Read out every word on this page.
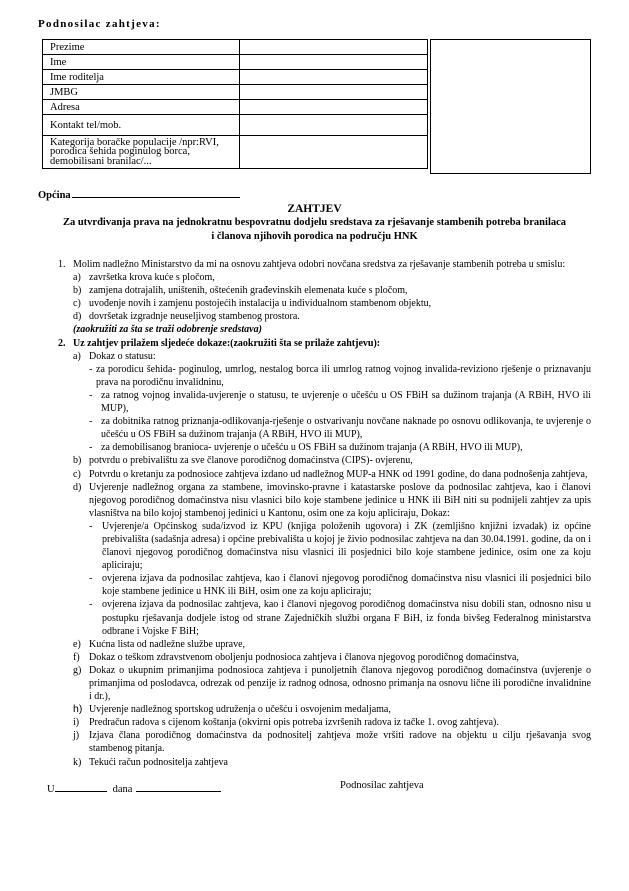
Podnosilac zahtjeva:
Prezime	
Ime	
Ime roditelja	
JMBG	
Adresa	
Kontakt tel/mob.	
Kategorija boračke populacije /npr:RVI, porodica šehida poginulog borca, demobilisani branilac/...	
Općina
ZAHTJEV
Za utvrđivanja prava na jednokratnu bespovratnu dodjelu sredstava za rješavanje stambenih potreba branilaca
i članova njihovih porodica na području HNK
1. Molim nadležno Ministarstvo da mi na osnovu zahtjeva odobri novčana sredstva za rješavanje stambenih potreba u smislu:
a) završetka krova kuće s pločom,
b) zamjena dotrajalih, uništenih, oštećenih građevinskih elemenata kuće s pločom,
c) uvođenje novih i zamjenu postojećih instalacija u individualnom stambenom objektu,
d) dovršetak izgradnje neuseljivog stambenog prostora.
(zaokružiti za šta se traži odobrenje sredstava)
2. Uz zahtjev prilažem sljedeće dokaze:(zaokružiti šta se prilaže zahtjevu):
a) Dokaz o statusu:
- za porodicu šehida- poginulog, umrlog, nestalog borca ili umrlog ratnog vojnog invalida-reviziono rješenje o priznavanju prava na porodičnu invalidninu,
- za ratnog vojnog invalida-uvjerenje o statusu, te uvjerenje o učešću u OS FBiH sa dužinom trajanja (A RBiH, HVO ili MUP),
- za dobitnika ratnog priznanja-odlikovanja-rješenje o ostvarivanju novčane naknade po osnovu odlikovanja, te uvjerenje o učešću u OS FBiH sa dužinom trajanja (A RBiH, HVO ili MUP),
- za demobilisanog branioca- uvjerenje o učešću u OS FBiH sa dužinom trajanja (A RBiH, HVO ili MUP),
b) potvrdu o prebivalištu za sve članove porodičnog domaćinstva (CIPS)- ovjerenu,
c) Potvrdu o kretanju za podnosioce zahtjeva izdano ud nadležnog MUP-a HNK od 1991 godine, do dana podnošenja zahtjeva,
d) Uvjerenje nadležnog organa za stambene, imovinsko-pravne i katastarske poslove da podnosilac zahtjeva, kao i članovi njegovog porodičnog domaćinstva nisu vlasnici bilo koje stambene jedinice u HNK ili BiH niti su podnijeli zahtjev za upis vlasništva na bilo kojoj stambenoj jedinici u Kantonu, osim one za koju apliciraju, Dokaz:
- Uvjerenje/a Općinskog suda/izvod iz KPU (knjiga položenih ugovora) i ZK (zemljišno knjižni izvadak) iz općine prebivališta (sadašnja adresa) i općine prebivališta u kojoj je živio podnosilac zahtjeva na dan 30.04.1991. godine, da on i članovi njegovog porodičnog domaćinstva nisu vlasnici ili posjednici bilo koje stambene jedinice, osim one za koju apliciraju;
- ovjerena izjava da podnosilac zahtjeva, kao i članovi njegovog porodičnog domaćinstva nisu vlasnici ili posjednici bilo koje stambene jedinice u HNK ili BiH, osim one za koju apliciraju;
- ovjerena izjava da podnosilac zahtjeva, kao i članovi njegovog porodičnog domaćinstva nisu dobili stan, odnosno nisu u postupku rješavanja dodjele istog od strane Zajedničkih službi organa F BiH, iz fonda bivšeg Federalnog ministarstva odbrane i Vojske F BiH;
e) Kućna lista od nadležne službe uprave,
f) Dokaz o teškom zdravstvenom oboljenju podnosioca zahtjeva i članova njegovog porodičnog domaćinstva,
g) Dokaz o ukupnim primanjima podnosioca zahtjeva i punoljetnih članova njegovog porodičnog domaćinstva (uvjerenje o primanjima od poslodavca, odrezak od penzije iz radnog odnosa, odnosno primanja na osnovu lične ili porodične invalidnine i dr.),
h) Uvjerenje nadležnog sportskog udruženja o učešću i osvojenim medaljama,
i) Predračun radova s cijenom koštanja (okvirni opis potreba izvršenih radova iz tačke 1. ovog zahtjeva).
j) Izjava člana porodičnog domaćinstva da podnositelj zahtjeva može vršiti radove na objektu u cilju rješavanja svog stambenog pitanja.
k) Tekući račun podnositelja zahtjeva
U	dana	Podnosilac zahtjeva
